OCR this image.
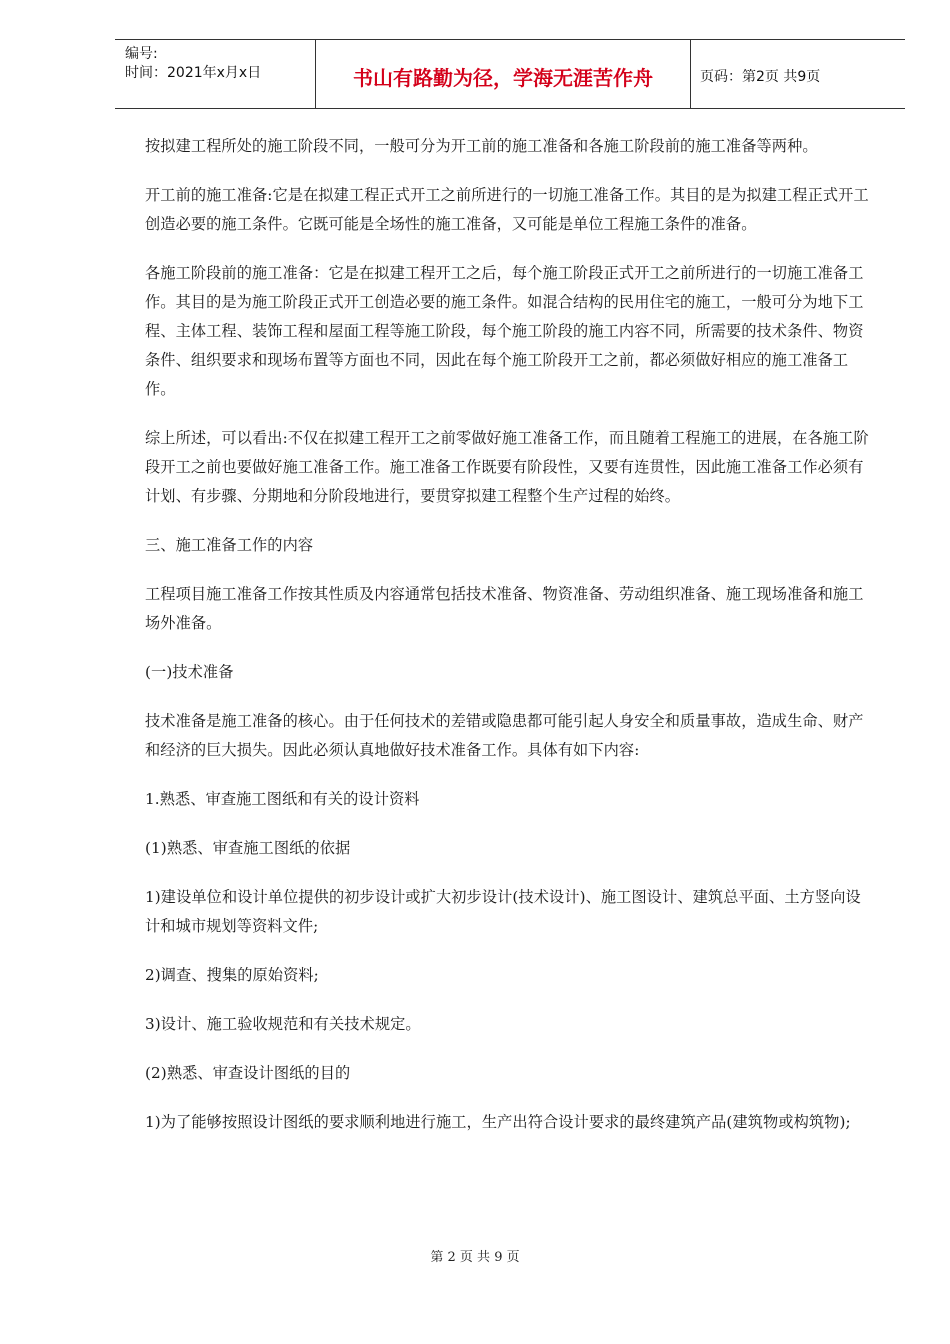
编号:
时间：2021年x月x日	书山有路勤为径，学海无涯苦作舟	页码：第2页 共9页

按拟建工程所处的施工阶段不同，一般可分为开工前的施工准备和各施工阶段前的施工准备等两种。

开工前的施工准备:它是在拟建工程正式开工之前所进行的一切施工准备工作。其目的是为拟建工程正式开工创造必要的施工条件。它既可能是全场性的施工准备，又可能是单位工程施工条件的准备。

各施工阶段前的施工准备：它是在拟建工程开工之后，每个施工阶段正式开工之前所进行的一切施工准备工作。其目的是为施工阶段正式开工创造必要的施工条件。如混合结构的民用住宅的施工，一般可分为地下工程、主体工程、装饰工程和屋面工程等施工阶段，每个施工阶段的施工内容不同，所需要的技术条件、物资条件、组织要求和现场布置等方面也不同，因此在每个施工阶段开工之前，都必须做好相应的施工准备工作。

综上所述，可以看出:不仅在拟建工程开工之前零做好施工准备工作，而且随着工程施工的进展，在各施工阶段开工之前也要做好施工准备工作。施工准备工作既要有阶段性，又要有连贯性，因此施工准备工作必须有计划、有步骤、分期地和分阶段地进行，要贯穿拟建工程整个生产过程的始终。

三、施工准备工作的内容

工程项目施工准备工作按其性质及内容通常包括技术准备、物资准备、劳动组织准备、施工现场准备和施工场外准备。

(一)技术准备

技术准备是施工准备的核心。由于任何技术的差错或隐患都可能引起人身安全和质量事故，造成生命、财产和经济的巨大损失。因此必须认真地做好技术准备工作。具体有如下内容:

1.熟悉、审查施工图纸和有关的设计资料

(1)熟悉、审查施工图纸的依据

1)建设单位和设计单位提供的初步设计或扩大初步设计(技术设计)、施工图设计、建筑总平面、土方竖向设计和城市规划等资料文件;

2)调查、搜集的原始资料;

3)设计、施工验收规范和有关技术规定。

(2)熟悉、审查设计图纸的目的

1)为了能够按照设计图纸的要求顺利地进行施工，生产出符合设计要求的最终建筑产品(建筑物或构筑物);

第 2 页 共 9 页
